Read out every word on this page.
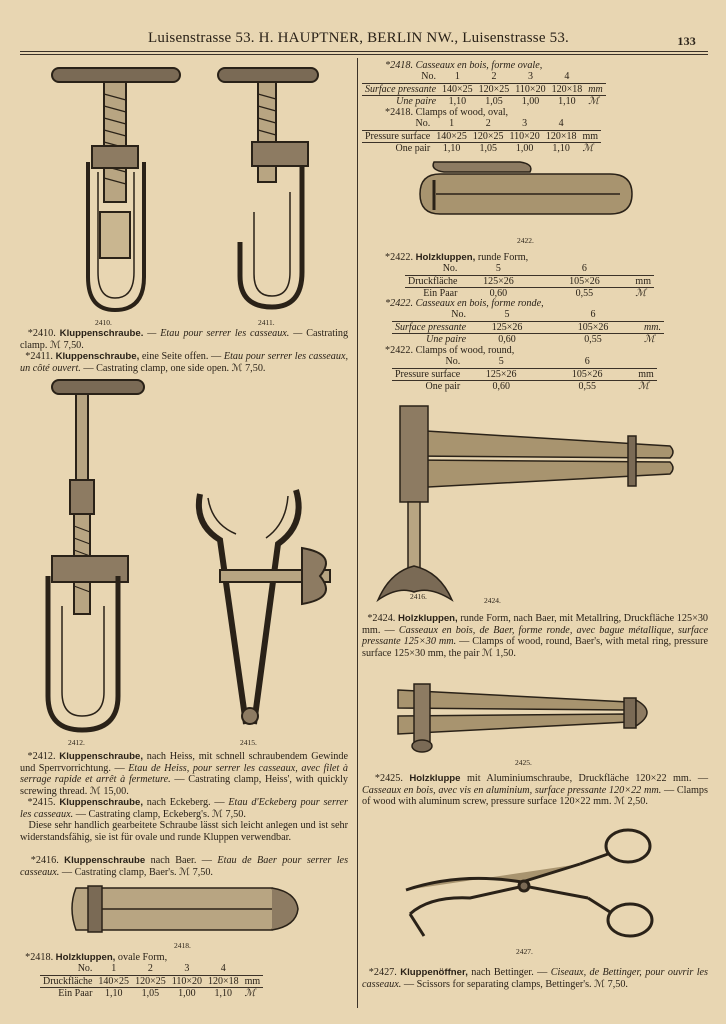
Luisenstrasse 53. H. HAUPTNER, BERLIN NW., Luisenstrasse 53.	133
2410.	2411.
*2410. Kluppenschraube. — Etau pour serrer les casseaux. — Castrating clamp. ℳ 7,50.
*2411. Kluppenschraube, eine Seite offen. — Etau pour serrer les casseaux, un côté ouvert. — Castrating clamp, one side open. ℳ 7,50.
2412.	2415.
*2412. Kluppenschraube, nach Heiss, mit schnell schraubendem Gewinde und Sperrvorrichtung. — Etau de Heiss, pour serrer les casseaux, avec filet à serrage rapide et arrêt à fermeture. — Castrating clamp, Heiss', with quickly screwing thread. ℳ 15,00.
*2415. Kluppenschraube, nach Eckeberg. — Etau d'Eckeberg pour serrer les casseaux. — Castrating clamp, Eckeberg's. ℳ 7,50.
Diese sehr handlich gearbeitete Schraube lässt sich leicht anlegen und ist sehr widerstandsfähig, sie ist für ovale und runde Kluppen verwendbar.
*2416. Kluppenschraube nach Baer. — Etau de Baer pour serrer les casseaux. — Castrating clamp, Baer's. ℳ 7,50.
2418.
*2418. Holzkluppen, ovale Form,
No.	1	2	3	4	
Druckfläche	140×25	120×25	110×20	120×18	mm
Ein Paar	1,10	1,05	1,00	1,10	ℳ
*2418. Casseaux en bois, forme ovale,
No.	1	2	3	4	
Surface pressante	140×25	120×25	110×20	120×18	mm
Une paire	1,10	1,05	1,00	1,10	ℳ
*2418. Clamps of wood, oval,
No.	1	2	3	4	
Pressure surface	140×25	120×25	110×20	120×18	mm
One pair	1,10	1,05	1,00	1,10	ℳ
2422.
*2422. Holzkluppen, runde Form,
No.	5	6	
Druckfläche	125×26	105×26	mm
Ein Paar	0,60	0,55	ℳ
*2422. Casseaux en bois, forme ronde,
No.	5	6	
Surface pressante	125×26	105×26	mm.
Une paire	0,60	0,55	ℳ
*2422. Clamps of wood, round,
No.	5	6	
Pressure surface	125×26	105×26	mm
One pair	0,60	0,55	ℳ
2416.	2424.
*2424. Holzkluppen, runde Form, nach Baer, mit Metallring, Druckfläche 125×30 mm. — Casseaux en bois, de Baer, forme ronde, avec bague métallique, surface pressante 125×30 mm. — Clamps of wood, round, Baer's, with metal ring, pressure surface 125×30 mm, the pair ℳ 1,50.
2425.
*2425. Holzkluppe mit Aluminiumschraube, Druckfläche 120×22 mm. — Casseaux en bois, avec vis en aluminium, surface pressante 120×22 mm. — Clamps of wood with aluminum screw, pressure surface 120×22 mm. ℳ 2,50.
2427.
*2427. Kluppenöffner, nach Bettinger. — Ciseaux, de Bettinger, pour ouvrir les casseaux. — Scissors for separating clamps, Bettinger's. ℳ 7,50.
